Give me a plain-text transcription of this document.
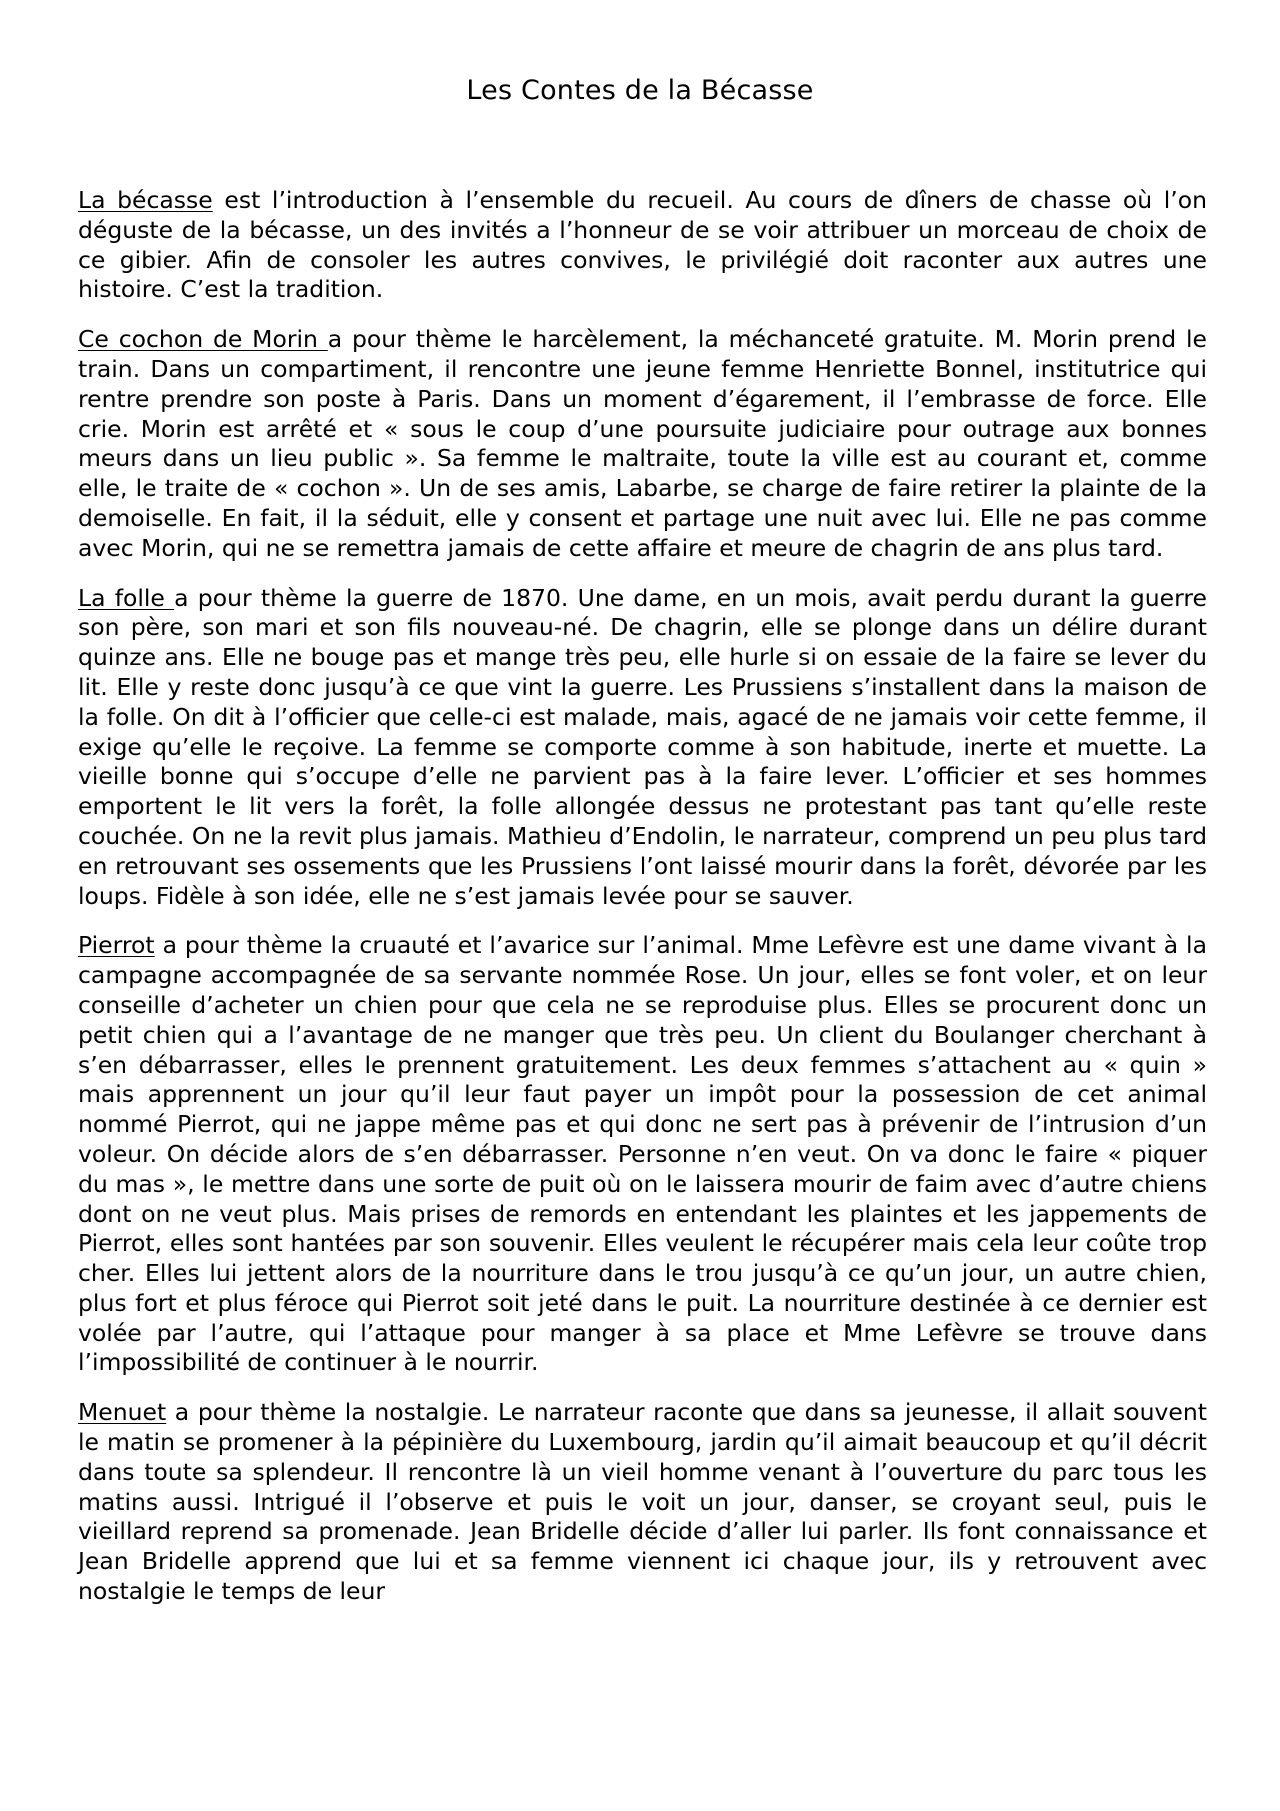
Les Contes de la Bécasse

La bécasse est l’introduction à l’ensemble du recueil. Au cours de dîners de chasse où l’on déguste de la bécasse, un des invités a l’honneur de se voir attribuer un morceau de choix de ce gibier. Afin de consoler les autres convives, le privilégié doit raconter aux autres une histoire. C’est la tradition.

Ce cochon de Morin a pour thème le harcèlement, la méchanceté gratuite. M. Morin prend le train. Dans un compartiment, il rencontre une jeune femme Henriette Bonnel, institutrice qui rentre prendre son poste à Paris. Dans un moment d’égarement, il l’embrasse de force. Elle crie. Morin est arrêté et « sous le coup d’une poursuite judiciaire pour outrage aux bonnes meurs dans un lieu public ». Sa femme le maltraite, toute la ville est au courant et, comme elle, le traite de « cochon ». Un de ses amis, Labarbe, se charge de faire retirer la plainte de la demoiselle. En fait, il la séduit, elle y consent et partage une nuit avec lui. Elle ne pas comme avec Morin, qui ne se remettra jamais de cette affaire et meure de chagrin de ans plus tard.

La folle a pour thème la guerre de 1870. Une dame, en un mois, avait perdu durant la guerre son père, son mari et son fils nouveau-né. De chagrin, elle se plonge dans un délire durant quinze ans. Elle ne bouge pas et mange très peu, elle hurle si on essaie de la faire se lever du lit. Elle y reste donc jusqu’à ce que vint la guerre. Les Prussiens s’installent dans la maison de la folle. On dit à l’officier que celle-ci est malade, mais, agacé de ne jamais voir cette femme, il exige qu’elle le reçoive. La femme se comporte comme à son habitude, inerte et muette. La vieille bonne qui s’occupe d’elle ne parvient pas à la faire lever. L’officier et ses hommes emportent le lit vers la forêt, la folle allongée dessus ne protestant pas tant qu’elle reste couchée. On ne la revit plus jamais. Mathieu d’Endolin, le narrateur, comprend un peu plus tard en retrouvant ses ossements que les Prussiens l’ont laissé mourir dans la forêt, dévorée par les loups. Fidèle à son idée, elle ne s’est jamais levée pour se sauver.

Pierrot a pour thème la cruauté et l’avarice sur l’animal. Mme Lefèvre est une dame vivant à la campagne accompagnée de sa servante nommée Rose. Un jour, elles se font voler, et on leur conseille d’acheter un chien pour que cela ne se reproduise plus. Elles se procurent donc un petit chien qui a l’avantage de ne manger que très peu. Un client du Boulanger cherchant à s’en débarrasser, elles le prennent gratuitement. Les deux femmes s’attachent au « quin » mais apprennent un jour qu’il leur faut payer un impôt pour la possession de cet animal nommé Pierrot, qui ne jappe même pas et qui donc ne sert pas à prévenir de l’intrusion d’un voleur. On décide alors de s’en débarrasser. Personne n’en veut. On va donc le faire « piquer du mas », le mettre dans une sorte de puit où on le laissera mourir de faim avec d’autre chiens dont on ne veut plus. Mais prises de remords en entendant les plaintes et les jappements de Pierrot, elles sont hantées par son souvenir. Elles veulent le récupérer mais cela leur coûte trop cher. Elles lui jettent alors de la nourriture dans le trou jusqu’à ce qu’un jour, un autre chien, plus fort et plus féroce qui Pierrot soit jeté dans le puit. La nourriture destinée à ce dernier est volée par l’autre, qui l’attaque pour manger à sa place et Mme Lefèvre se trouve dans l’impossibilité de continuer à le nourrir.

Menuet a pour thème la nostalgie. Le narrateur raconte que dans sa jeunesse, il allait souvent le matin se promener à la pépinière du Luxembourg, jardin qu’il aimait beaucoup et qu’il décrit dans toute sa splendeur. Il rencontre là un vieil homme venant à l’ouverture du parc tous les matins aussi. Intrigué il l’observe et puis le voit un jour, danser, se croyant seul, puis le vieillard reprend sa promenade. Jean Bridelle décide d’aller lui parler. Ils font connaissance et Jean Bridelle apprend que lui et sa femme viennent ici chaque jour, ils y retrouvent avec nostalgie le temps de leur
